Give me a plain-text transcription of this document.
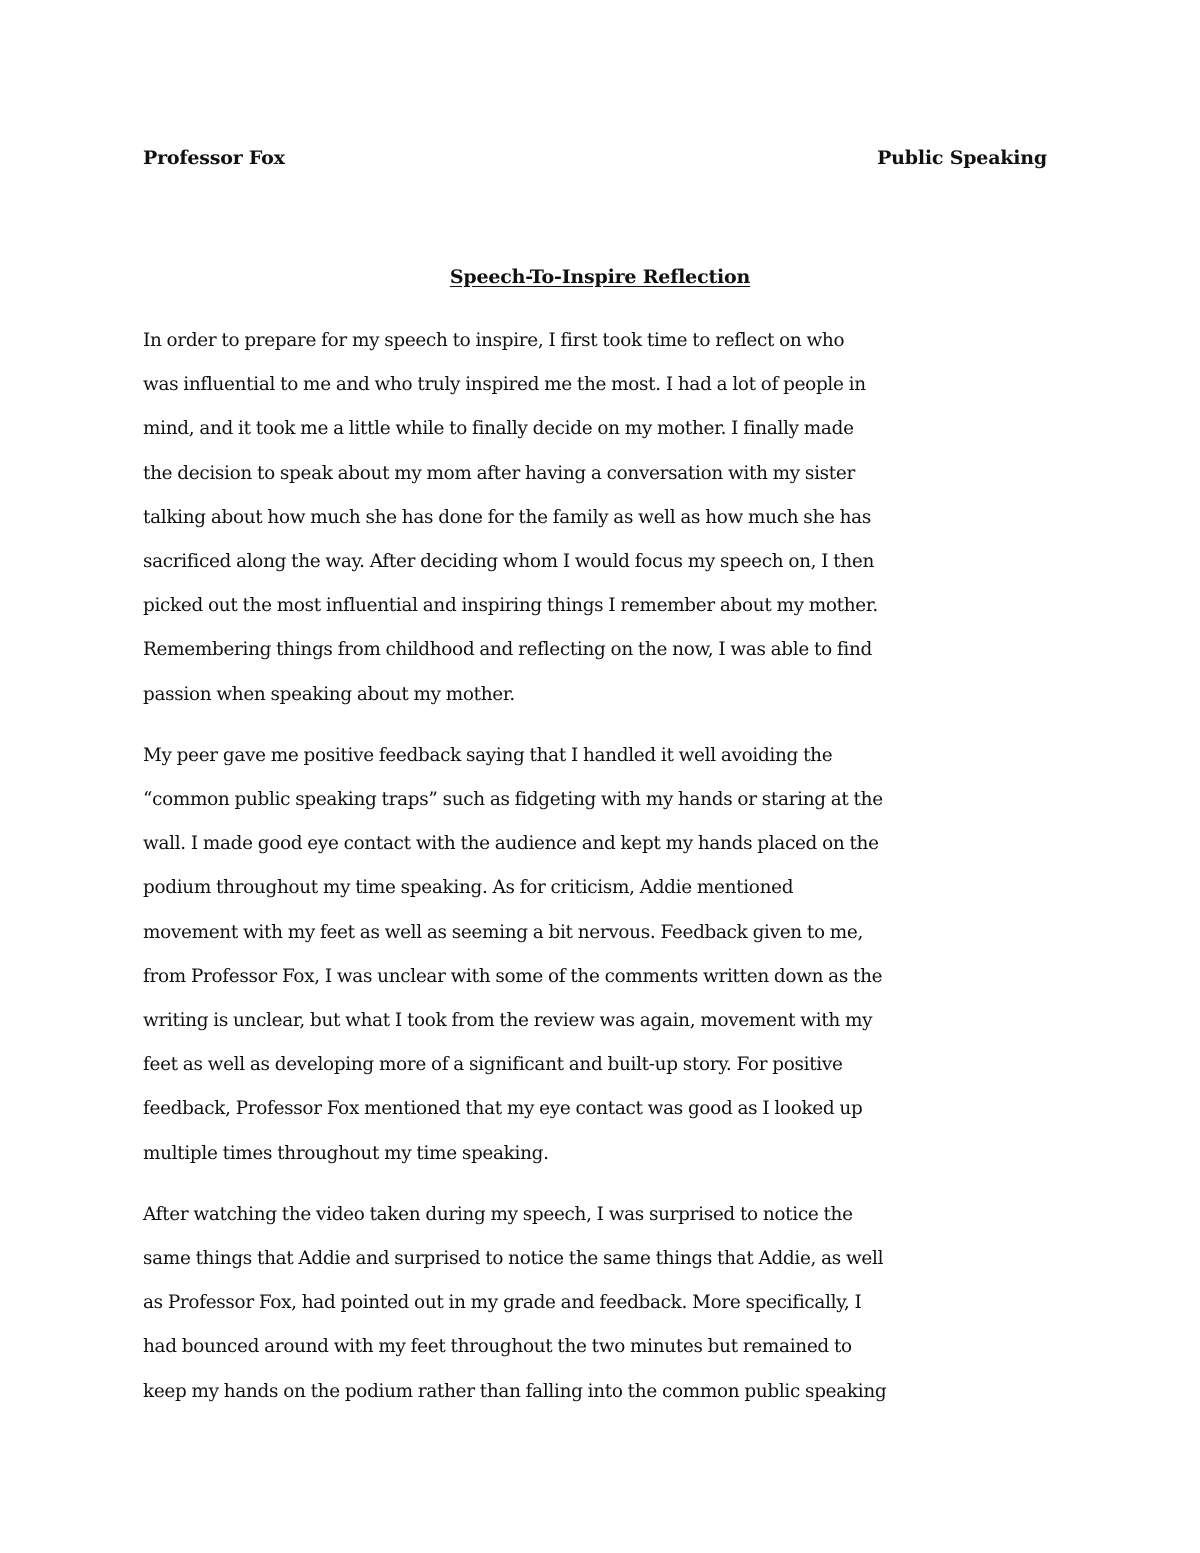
Professor Fox	Public Speaking
Speech-To-Inspire Reflection

In order to prepare for my speech to inspire, I first took time to reflect on who
was influential to me and who truly inspired me the most. I had a lot of people in
mind, and it took me a little while to finally decide on my mother. I finally made
the decision to speak about my mom after having a conversation with my sister
talking about how much she has done for the family as well as how much she has
sacrificed along the way. After deciding whom I would focus my speech on, I then
picked out the most influential and inspiring things I remember about my mother.
Remembering things from childhood and reflecting on the now, I was able to find
passion when speaking about my mother.

My peer gave me positive feedback saying that I handled it well avoiding the
“common public speaking traps” such as fidgeting with my hands or staring at the
wall. I made good eye contact with the audience and kept my hands placed on the
podium throughout my time speaking. As for criticism, Addie mentioned
movement with my feet as well as seeming a bit nervous. Feedback given to me,
from Professor Fox, I was unclear with some of the comments written down as the
writing is unclear, but what I took from the review was again, movement with my
feet as well as developing more of a significant and built-up story. For positive
feedback, Professor Fox mentioned that my eye contact was good as I looked up
multiple times throughout my time speaking.

After watching the video taken during my speech, I was surprised to notice the
same things that Addie and surprised to notice the same things that Addie, as well
as Professor Fox, had pointed out in my grade and feedback. More specifically, I
had bounced around with my feet throughout the two minutes but remained to
keep my hands on the podium rather than falling into the common public speaking
